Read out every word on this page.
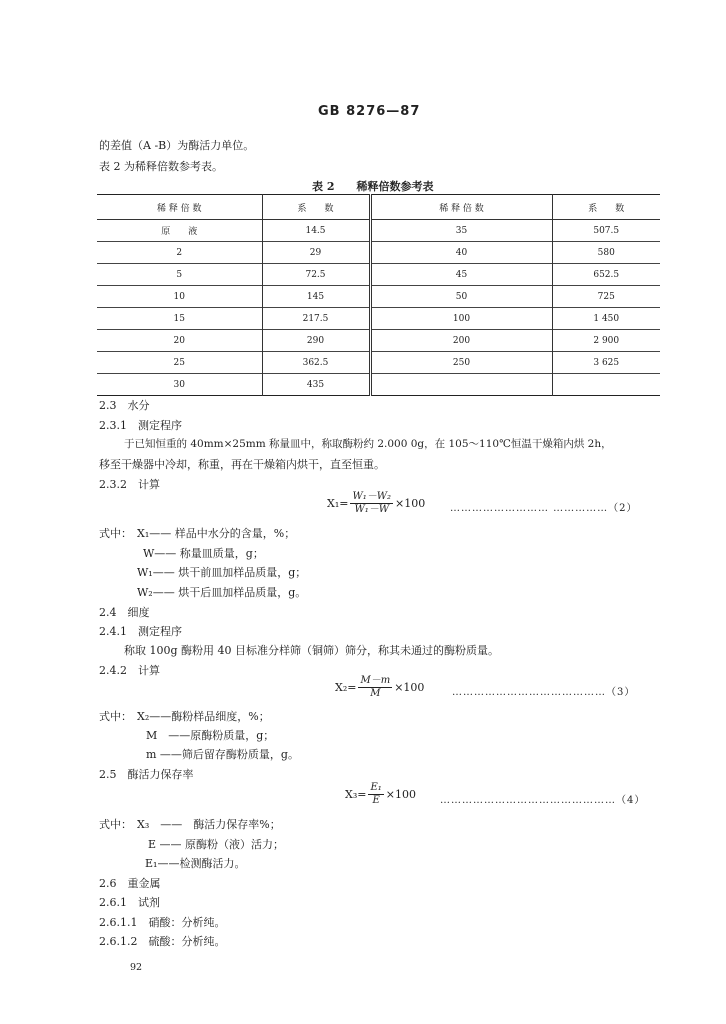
GB 8276—87
的差值（A -B）为酶活力单位。
表 2 为稀释倍数参考表。
表 2　　稀释倍数参考表
稀 释 倍 数	系　　数	稀 释 倍 数	系　　数
原　　液	14.5	35	507.5
2	29	40	580
5	72.5	45	652.5
10	145	50	725
15	217.5	100	1 450
20	290	200	2 900
25	362.5	250	3 625
30	435		
2.3　水分
2.3.1　测定程序
于已知恒重的 40mm×25mm 称量皿中，称取酶粉约 2.000 0g，在 105～110℃恒温干燥箱内烘 2h，
移至干燥器中冷却，称重，再在干燥箱内烘干，直至恒重。
2.3.2　计算
$X_1= \frac{\text{W₁－W₂}}{\text{W₁－W}} \times 100$ ……………………… ……………（2）
式中： X₁—— 样品中水分的含量，%；
W—— 称量皿质量，g；
W₁—— 烘干前皿加样品质量，g；
W₂—— 烘干后皿加样品质量，g。
2.4　细度
2.4.1　测定程序
称取 100g 酶粉用 40 目标准分样筛（铜筛）筛分，称其未通过的酶粉质量。
2.4.2　计算
$X_2= \frac{M-m}{M} \times 100$	……………………………………（3）
式中： X₂——酶粉样品细度，%；
M　——原酶粉质量，g；
m ——筛后留存酶粉质量，g。
2.5　酶活力保存率
$X_3= \frac{\text{E₁}}{E} \times 100$ …………………………………………（4）
式中： X₃　——　酶活力保存率%；
E —— 原酶粉（液）活力；
E₁——检测酶活力。
2.6　重金属
2.6.1　试剂
2.6.1.1　硝酸：分析纯。
2.6.1.2　硫酸：分析纯。
92
